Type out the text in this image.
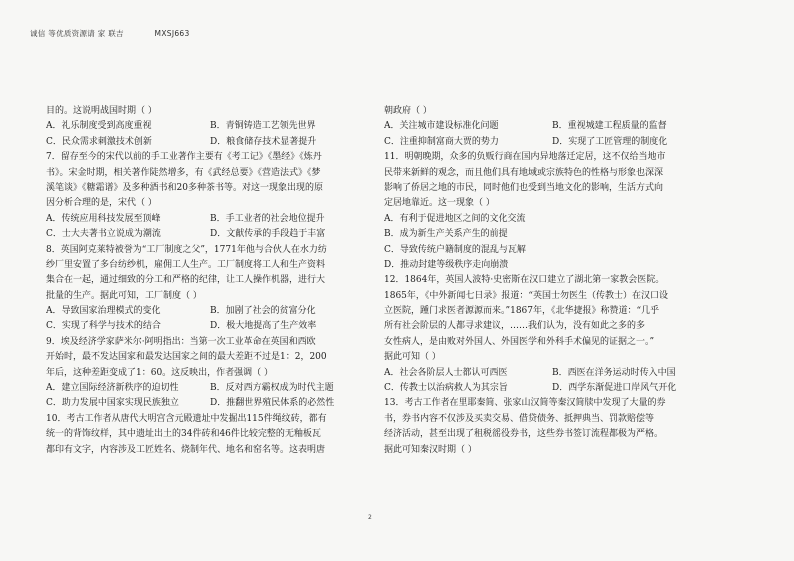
诚信 等优质资源请 家 联吉	MXSJ663
目的。这说明战国时期（ ）
A．礼乐制度受到高度重视	B．青铜铸造工艺领先世界
C．民众需求刺激技术创新	D．粮食储存技术显著提升
7．留存至今的宋代以前的手工业著作主要有《考工记》《墨经》《炼丹
书》。宋金时期，相关著作陡然增多，有《武经总要》《营造法式》《梦
溪笔谈》《糖霜谱》及多种酒书和20多种茶书等。对这一现象出现的原
因分析合理的是，宋代（ ）
A．传统应用科技发展至顶峰	B．手工业者的社会地位提升
C．士大夫著书立说成为潮流	D．文献传承的手段趋于丰富
8．英国阿克莱特被誉为“工厂制度之父”，1771年他与合伙人在水力纺
纱厂里安置了多台纺纱机，雇佣工人生产。工厂制度将工人和生产资料
集合在一起，通过细致的分工和严格的纪律，让工人操作机器，进行大
批量的生产。据此可知，工厂制度（ ）
A．导致国家治理模式的变化	B．加剧了社会的贫富分化
C．实现了科学与技术的结合	D．极大地提高了生产效率
9．埃及经济学家萨米尔·阿明指出：当第一次工业革命在英国和西欧
开始时，最不发达国家和最发达国家之间的最大差距不过是1：2，200
年后，这种差距变成了1：60。这反映出，作者强调（ ）
A．建立国际经济新秩序的迫切性	B．反对西方霸权成为时代主题
C．助力发展中国家实现民族独立	D．推翻世界殖民体系的必然性
10．考古工作者从唐代大明宫含元殿遗址中发掘出115件绳纹砖，都有
统一的背饰纹样，其中遗址出土的34件砖和46件比较完整的无釉板瓦
都印有文字，内容涉及工匠姓名、烧制年代、地名和窑名等。这表明唐
朝政府（ ）
A．关注城市建设标准化问题	B．重视城建工程质量的监督
C．注重抑制富商大贾的势力	D．实现了工匠管理的制度化
11．明朝晚期，众多的负贩行商在国内异地落迁定居，这不仅给当地市
民带来新鲜的观念，而且他们具有地域或宗族特色的性格与形象也深深
影响了侨居之地的市民，同时他们也受到当地文化的影响，生活方式向
定居地靠近。这一现象（ ）
A．有利于促进地区之间的文化交流
B．成为新生产关系产生的前提
C．导致传统户籍制度的混乱与瓦解
D．推动封建等级秩序走向崩溃
12．1864年，英国人波特·史密斯在汉口建立了湖北第一家教会医院。
1865年，《中外新闻七日录》报道：“英国士勿医生（传教士）在汉口设
立医院，踵门求医者源源而来。”1867年，《北华捷报》称赞道：“几乎
所有社会阶层的人都寻求建议，……我们认为，没有如此之多的多
女性病人，是由败对外国人、外国医学和外科手术偏见的证据之一。”
据此可知（ ）
A．社会各阶层人士都认可西医	B．西医在洋务运动时传入中国
C．传教士以治病救人为其宗旨	D．西学东渐促进口岸风气开化
13．考古工作者在里耶秦简、张家山汉简等秦汉简牍中发现了大量的券
书，券书内容不仅涉及买卖交易、借贷债务、抵押典当、罚款赔偿等
经济活动，甚至出现了租税徭役券书，这些券书签订流程都极为严格。
据此可知秦汉时期（ ）
2
